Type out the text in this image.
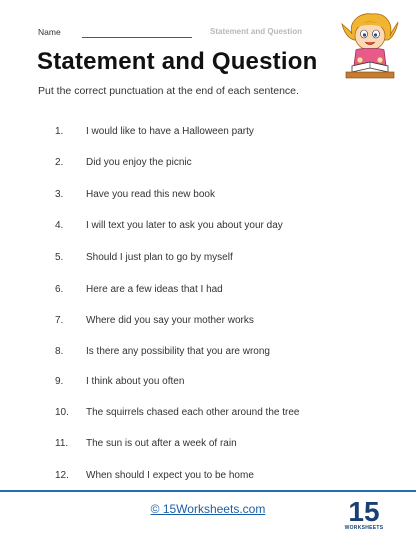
Name	Statement and Question
Statement and Question
Put the correct punctuation at the end of each sentence.
1.	I would like to have a Halloween party
2.	Did you enjoy the picnic
3.	Have you read this new book
4.	I will text you later to ask you about your day
5.	Should I just plan to go by myself
6.	Here are a few ideas that I had
7.	Where did you say your mother works
8.	Is there any possibility that you are wrong
9.	I think about you often
10.	The squirrels chased each other around the tree
11.	The sun is out after a week of rain
12.	When should I expect you to be home
© 15Worksheets.com	15
WORKSHEETS
